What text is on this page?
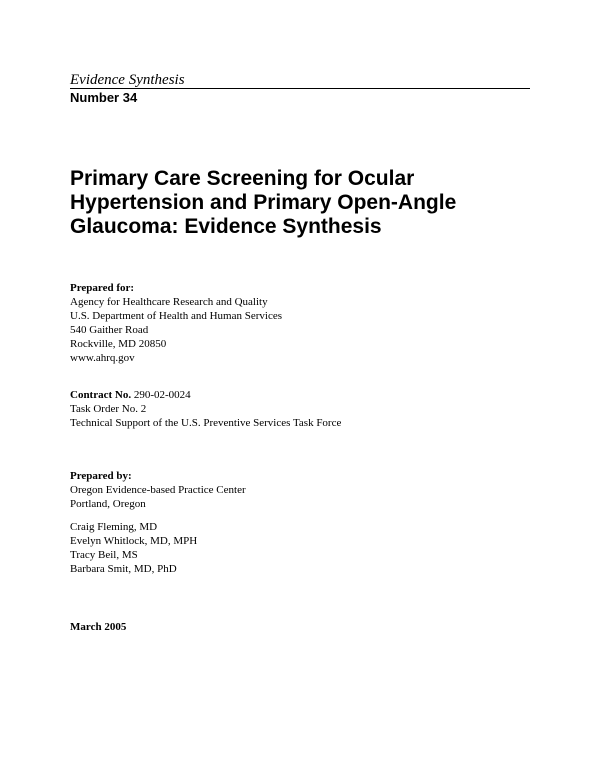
Evidence Synthesis
Number 34
Primary Care Screening for Ocular
Hypertension and Primary Open-Angle
Glaucoma: Evidence Synthesis
Prepared for:
Agency for Healthcare Research and Quality
U.S. Department of Health and Human Services
540 Gaither Road
Rockville, MD 20850
www.ahrq.gov
Contract No. 290-02-0024
Task Order No. 2
Technical Support of the U.S. Preventive Services Task Force
Prepared by:
Oregon Evidence-based Practice Center
Portland, Oregon
Craig Fleming, MD
Evelyn Whitlock, MD, MPH
Tracy Beil, MS
Barbara Smit, MD, PhD
March 2005
